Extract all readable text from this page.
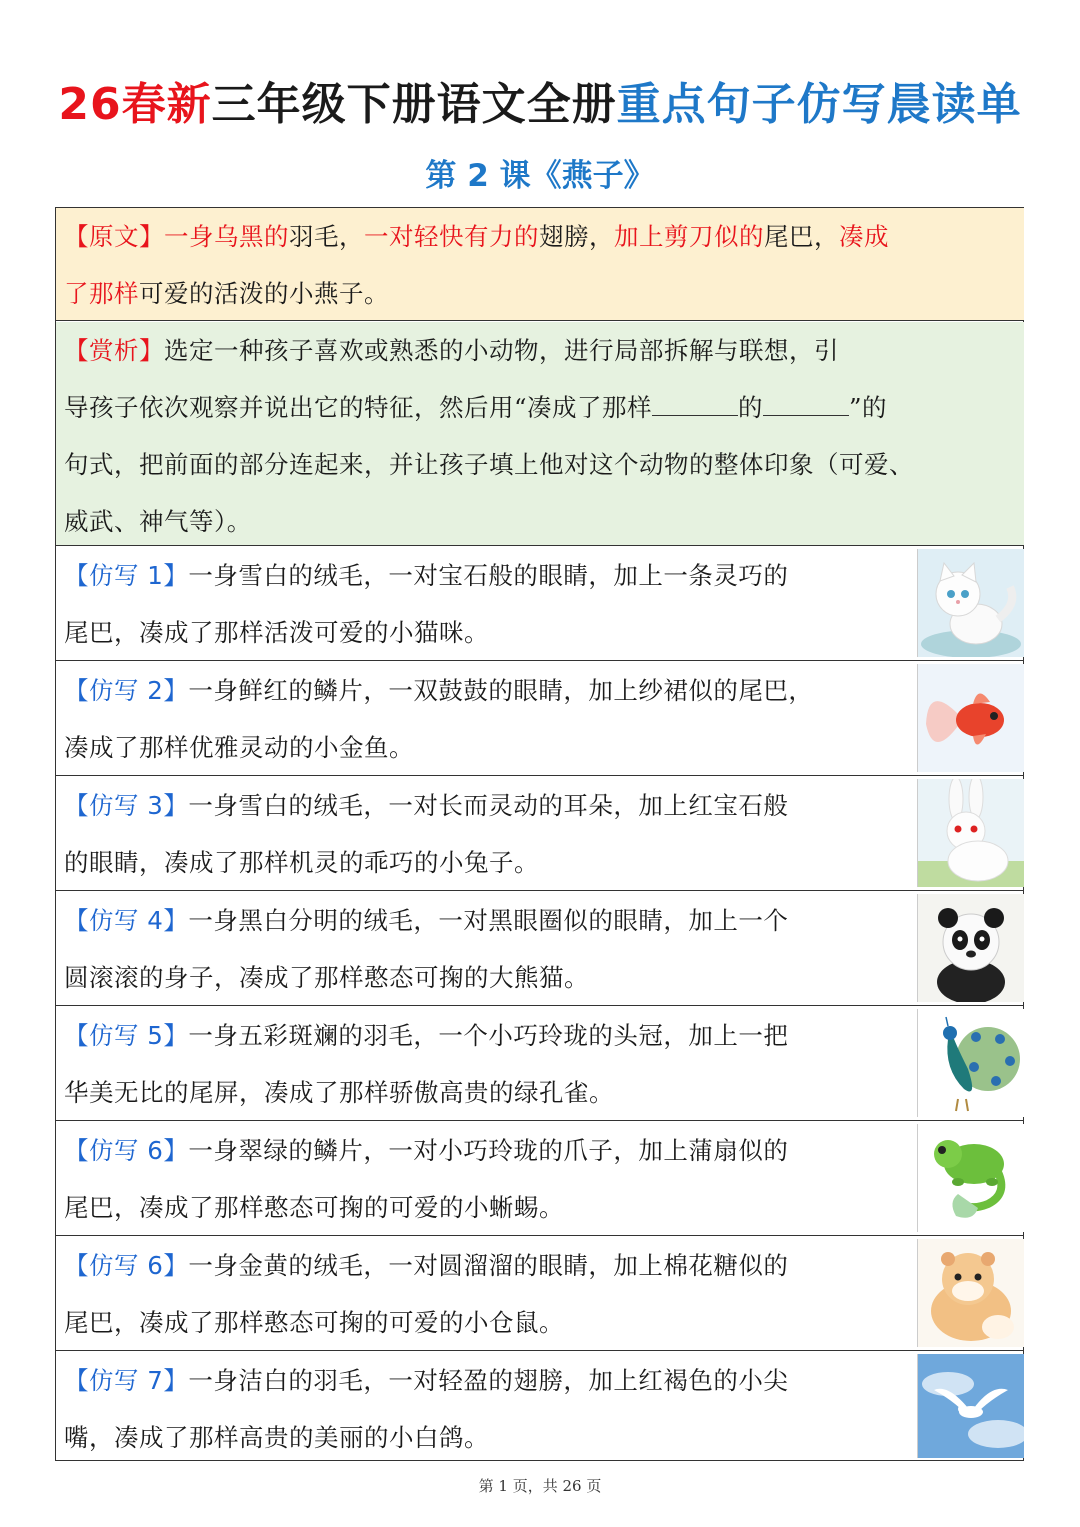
26春新三年级下册语文全册重点句子仿写晨读单
第 2 课《燕子》
【原文】一身乌黑的羽毛，一对轻快有力的翅膀，加上剪刀似的尾巴，凑成
了那样可爱的活泼的小燕子。
【赏析】选定一种孩子喜欢或熟悉的小动物，进行局部拆解与联想，引
导孩子依次观察并说出它的特征，然后用“凑成了那样	的	”的
句式，把前面的部分连起来，并让孩子填上他对这个动物的整体印象（可爱、
威武、神气等）。
【仿写 1】一身雪白的绒毛，一对宝石般的眼睛，加上一条灵巧的
尾巴，凑成了那样活泼可爱的小猫咪。
【仿写 2】一身鲜红的鳞片，一双鼓鼓的眼睛，加上纱裙似的尾巴，
凑成了那样优雅灵动的小金鱼。
【仿写 3】一身雪白的绒毛，一对长而灵动的耳朵，加上红宝石般
的眼睛，凑成了那样机灵的乖巧的小兔子。
【仿写 4】一身黑白分明的绒毛，一对黑眼圈似的眼睛，加上一个
圆滚滚的身子，凑成了那样憨态可掬的大熊猫。
【仿写 5】一身五彩斑斓的羽毛，一个小巧玲珑的头冠，加上一把
华美无比的尾屏，凑成了那样骄傲高贵的绿孔雀。
【仿写 6】一身翠绿的鳞片，一对小巧玲珑的爪子，加上蒲扇似的
尾巴，凑成了那样憨态可掬的可爱的小蜥蜴。
【仿写 6】一身金黄的绒毛，一对圆溜溜的眼睛，加上棉花糖似的
尾巴，凑成了那样憨态可掬的可爱的小仓鼠。
【仿写 7】一身洁白的羽毛，一对轻盈的翅膀，加上红褐色的小尖
嘴，凑成了那样高贵的美丽的小白鸽。
第 1 页，共 26 页
